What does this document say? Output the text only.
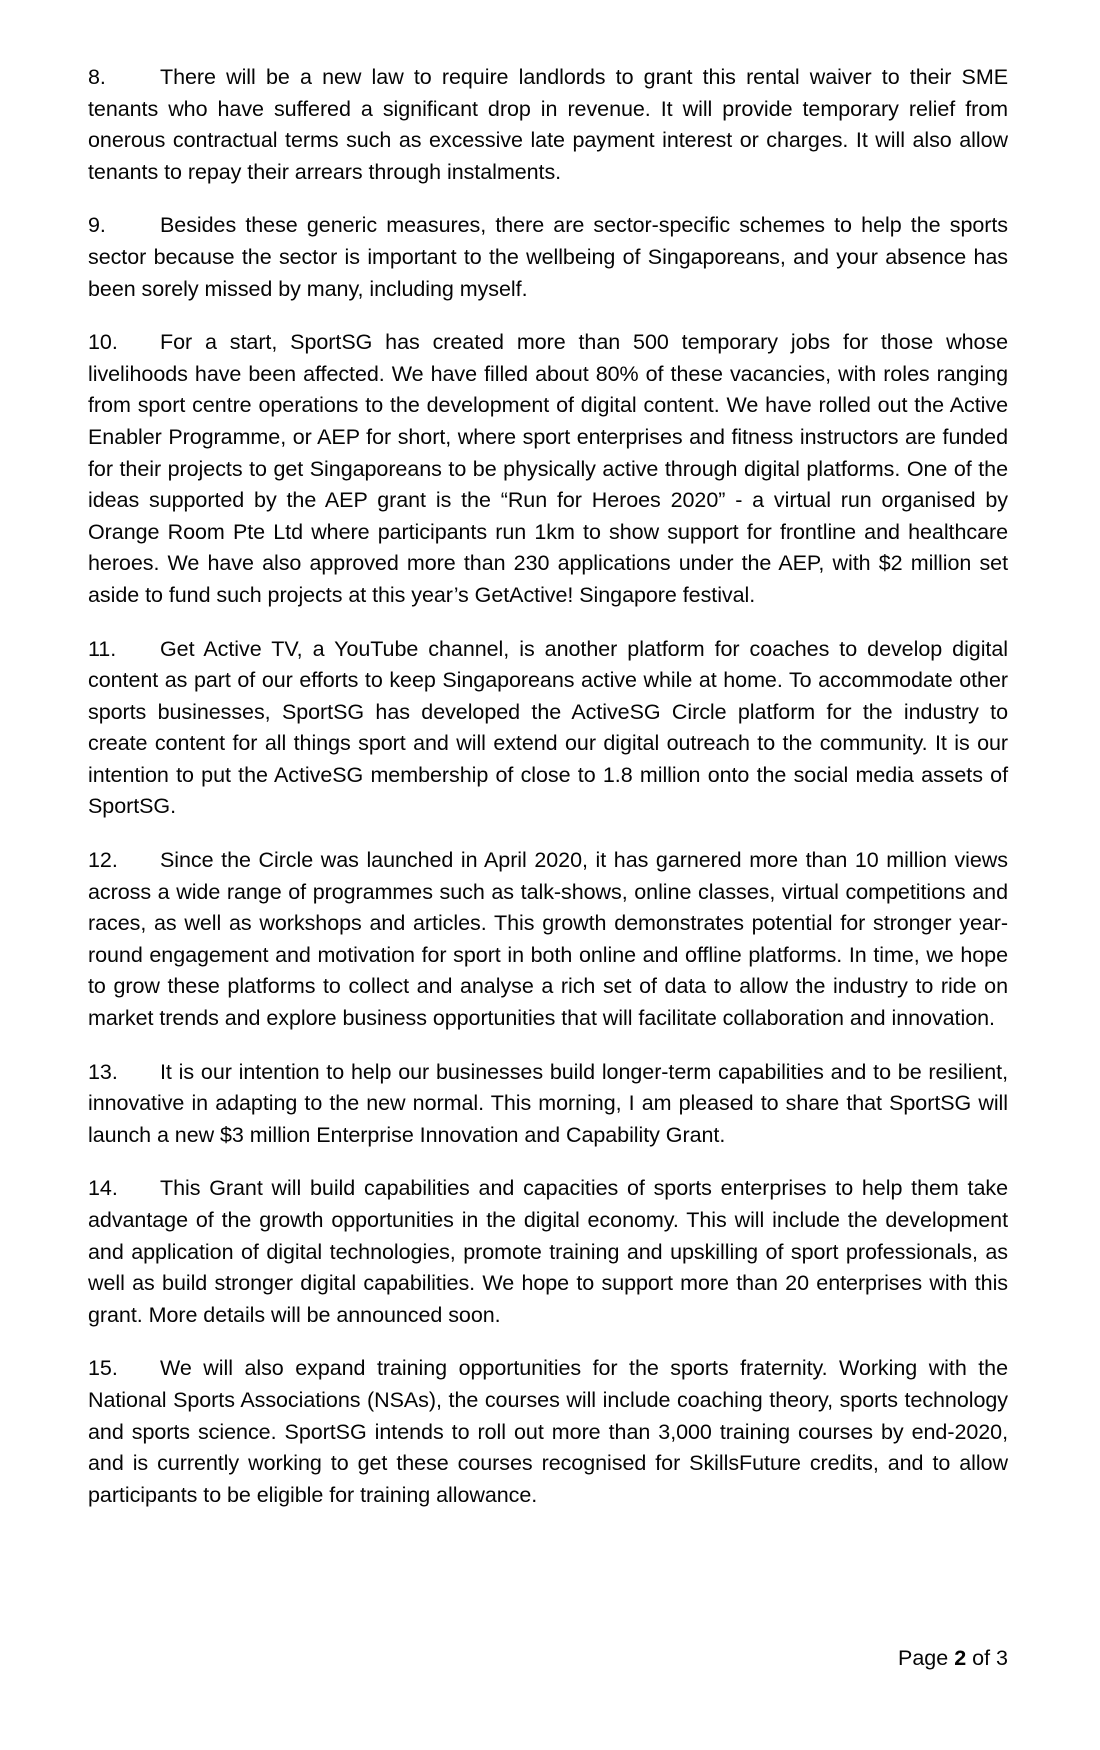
8.	There will be a new law to require landlords to grant this rental waiver to their SME tenants who have suffered a significant drop in revenue. It will provide temporary relief from onerous contractual terms such as excessive late payment interest or charges. It will also allow tenants to repay their arrears through instalments.

9.	Besides these generic measures, there are sector-specific schemes to help the sports sector because the sector is important to the wellbeing of Singaporeans, and your absence has been sorely missed by many, including myself.

10. For a start, SportSG has created more than 500 temporary jobs for those whose livelihoods have been affected. We have filled about 80% of these vacancies, with roles ranging from sport centre operations to the development of digital content. We have rolled out the Active Enabler Programme, or AEP for short, where sport enterprises and fitness instructors are funded for their projects to get Singaporeans to be physically active through digital platforms. One of the ideas supported by the AEP grant is the “Run for Heroes 2020” - a virtual run organised by Orange Room Pte Ltd where participants run 1km to show support for frontline and healthcare heroes. We have also approved more than 230 applications under the AEP, with $2 million set aside to fund such projects at this year’s GetActive! Singapore festival.

11. Get Active TV, a YouTube channel, is another platform for coaches to develop digital content as part of our efforts to keep Singaporeans active while at home. To accommodate other sports businesses, SportSG has developed the ActiveSG Circle platform for the industry to create content for all things sport and will extend our digital outreach to the community. It is our intention to put the ActiveSG membership of close to 1.8 million onto the social media assets of SportSG.

12. Since the Circle was launched in April 2020, it has garnered more than 10 million views across a wide range of programmes such as talk-shows, online classes, virtual competitions and races, as well as workshops and articles. This growth demonstrates potential for stronger year-round engagement and motivation for sport in both online and offline platforms. In time, we hope to grow these platforms to collect and analyse a rich set of data to allow the industry to ride on market trends and explore business opportunities that will facilitate collaboration and innovation.

13. It is our intention to help our businesses build longer-term capabilities and to be resilient, innovative in adapting to the new normal. This morning, I am pleased to share that SportSG will launch a new $3 million Enterprise Innovation and Capability Grant.

14. This Grant will build capabilities and capacities of sports enterprises to help them take advantage of the growth opportunities in the digital economy. This will include the development and application of digital technologies, promote training and upskilling of sport professionals, as well as build stronger digital capabilities. We hope to support more than 20 enterprises with this grant. More details will be announced soon.

15. We will also expand training opportunities for the sports fraternity. Working with the National Sports Associations (NSAs), the courses will include coaching theory, sports technology and sports science. SportSG intends to roll out more than 3,000 training courses by end-2020, and is currently working to get these courses recognised for SkillsFuture credits, and to allow participants to be eligible for training allowance.

Page 2 of 3
